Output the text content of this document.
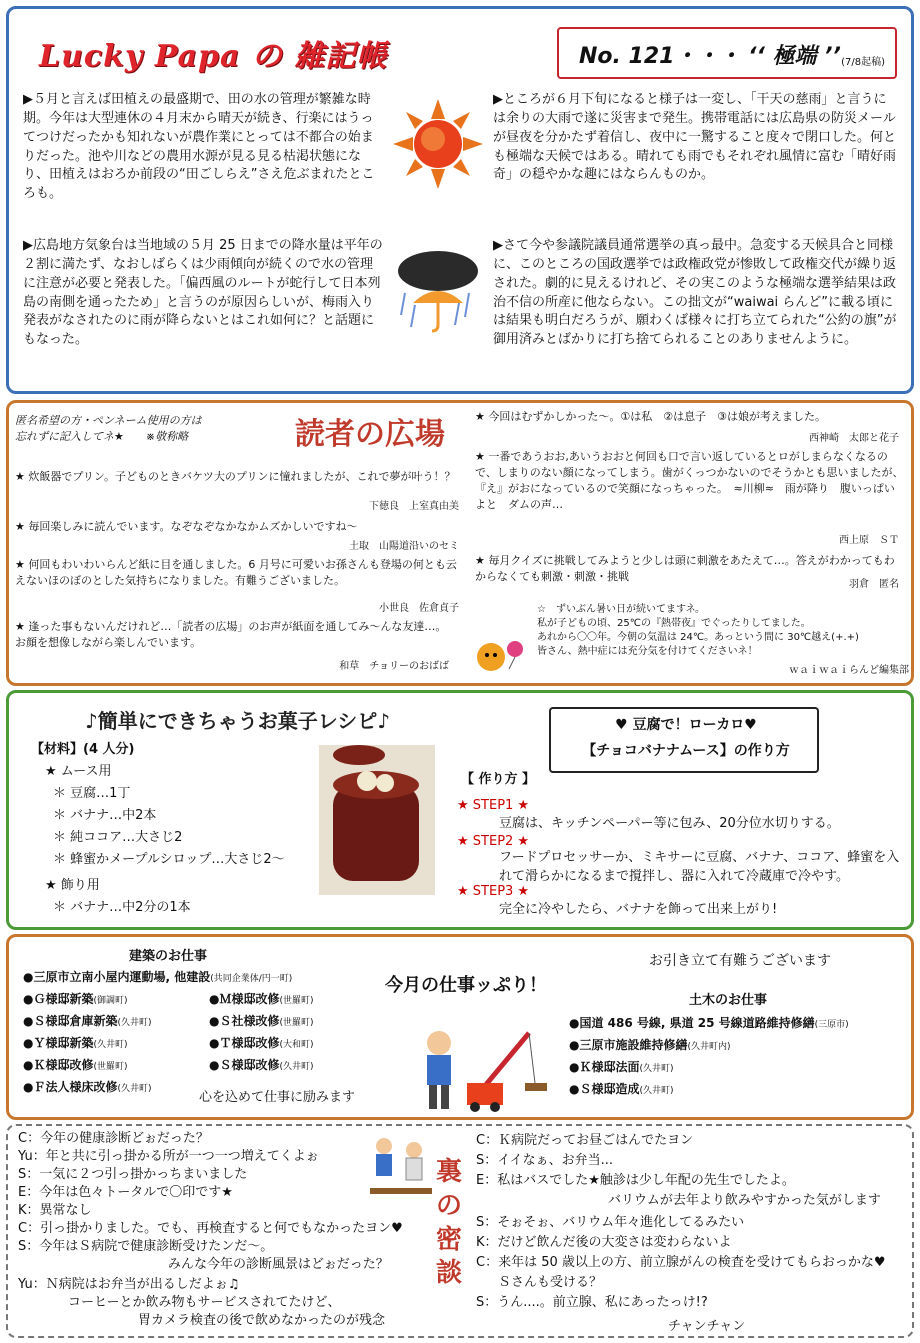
Lucky Papa の 雑記帳	No. 121・・・ ‘‘ 極端 ’’ (7/8起稿)
▶５月と言えば田植えの最盛期で、田の水の管理が繁雑な時期。今年は大型連休の４月末から晴天が続き、行楽にはうってつけだったかも知れないが農作業にとっては不都合の始まりだった。池や川などの農用水源が見る見る枯渇状態になり、田植えはおろか前段の“田ごしらえ”さえ危ぶまれたところも。
▶広島地方気象台は当地域の５月 25 日までの降水量は平年の２割に満たず、なおしばらくは少雨傾向が続くので水の管理に注意が必要と発表した。「偏西風のルートが蛇行して日本列島の南側を通ったため」と言うのが原因らしいが、梅雨入り発表がなされたのに雨が降らないとはこれ如何に？と話題にもなった。
▶ところが６月下旬になると様子は一変し、「干天の慈雨」と言うには余りの大雨で遂に災害まで発生。携帯電話には広島県の防災メールが昼夜を分かたず着信し、夜中に一驚すること度々で閉口した。何とも極端な天候ではある。晴れても雨でもそれぞれ風情に富む「晴好雨奇」の穏やかな趣にはならんものか。
▶さて今や参議院議員通常選挙の真っ最中。急変する天候具合と同様に、このところの国政選挙では政権政党が惨敗して政権交代が繰り返された。劇的に見えるけれど、その実このような極端な選挙結果は政治不信の所産に他ならない。この拙文が“waiwai らんど”に載る頃には結果も明白だろうが、願わくば様々に打ち立てられた“公約の旗”が御用済みとばかりに打ち捨てられることのありませんように。
匿名希望の方・ペンネーム使用の方は
忘れずに記入してネ★　　※敬称略	読者の広場
★ 炊飯器でプリン。子どものときバケツ大のプリンに憧れましたが、これで夢が叶う！？
下徳良　上室真由美
★ 毎回楽しみに読んでいます。なぞなぞなかなかムズかしいですね～
土取　山陽道沿いのセミ
★ 何回もわいわいらんど紙に目を通しました。6 月号に可愛いお孫さんも登場の何とも云えないほのぼのとした気持ちになりました。有難うございました。
小世良　佐倉貞子
★ 逢った事もないんだけれど…「読者の広場」のお声が紙面を通してみ～んな友達…。お顔を想像しながら楽しんでいます。
和草　チョリーのおばば
★ 今回はむずかしかった～。①は私　②は息子　③は娘が考えました。
西神崎　太郎と花子
★ 一番であうおお,あいうおおと何回も口で言い返しているとロがしまらなくなるので、しまりのない顔になってしまう。歯がくっつかないのでそうかとも思いましたが、『え』がおになっているので笑顔になっちゃった。　≈川柳≈　雨が降り　腹いっぱいよと　ダムの声…
西上原　ＳＴ
★ 毎月クイズに挑戦してみようと少しは頭に刺激をあたえて…。答えがわかってもわからなくても刺激・刺激・挑戦
羽倉　匿名
☆　ずいぶん暑い日が続いてますネ。
私が子どもの頃、25℃の『熱帯夜』でぐったりしてました。
あれから〇〇年。今朝の気温は 24℃。あっという間に 30℃越え(+.+)
皆さん、熱中症には充分気を付けてくださいネ！
ｗａｉｗａｉらんど編集部
♪簡単にできちゃうお菓子レシピ♪
【材料】(4 人分)
★ ムース用
＊ 豆腐…1丁
＊ バナナ…中2本
＊ 純ココア…大さじ2
＊ 蜂蜜かメープルシロップ…大さじ2～
★ 飾り用
＊ バナナ…中2分の1本
♥ 豆腐で！ローカロ♥
【チョコバナナムース】の作り方
【 作り方 】
★ STEP1 ★
豆腐は、キッチンペーパー等に包み、20分位水切りする。
★ STEP2 ★
フードプロセッサーか、ミキサーに豆腐、バナナ、ココア、蜂蜜を入れて滑らかになるまで撹拌し、器に入れて冷蔵庫で冷やす。
★ STEP3 ★
完全に冷やしたら、バナナを飾って出来上がり!
建築のお仕事
●三原市立南小屋内運動場, 他建設(共同企業体/円一町)
●Ｇ様邸新築(御調町)	●Ｍ様邸改修(世羅町)
●Ｓ様邸倉庫新築(久井町)	●Ｓ社様改修(世羅町)
●Ｙ様邸新築(久井町)	●Ｔ様邸改修(大和町)
●Ｋ様邸改修(世羅町)	●Ｓ様邸改修(久井町)
●Ｆ法人様床改修(久井町)
心を込めて仕事に励みます
今月の仕事ッぷり！
お引き立て有難うございます
土木のお仕事
●国道 486 号線, 県道 25 号線道路維持修繕(三原市)
●三原市施設維持修繕(久井町内)
●Ｋ様邸法面(久井町)
●Ｓ様邸造成(久井町)
C：今年の健康診断どぉだった？
Yu：年と共に引っ掛かる所が一つ一つ増えてくよぉ
S：一気に２つ引っ掛かっちまいました
E：今年は色々トータルで〇印です★
K：異常なし
C：引っ掛かりました。でも、再検査すると何でもなかったヨン♥
S：今年はＳ病院で健康診断受けたンだ～。
みんな今年の診断風景はどぉだった？
Yu：Ｎ病院はお弁当が出るしだよぉ♫
コーヒーとか飲み物もサービスされてたけど、
胃カメラ検査の後で飲めなかったのが残念
裏の密談
C：Ｋ病院だってお昼ごはんでたヨン
S：イイなぁ、お弁当...
E：私はバスでした★触診は少し年配の先生でしたよ。
バリウムが去年より飲みやすかった気がします
S：そぉそぉ、バリウム年々進化してるみたい
K：だけど飲んだ後の大変さは変わらないよ
C：来年は 50 歳以上の方、前立腺がんの検査を受けてもらおっかな♥
Ｓさんも受ける？
S：うん....。前立腺、私にあったっけ!?
チャンチャン
